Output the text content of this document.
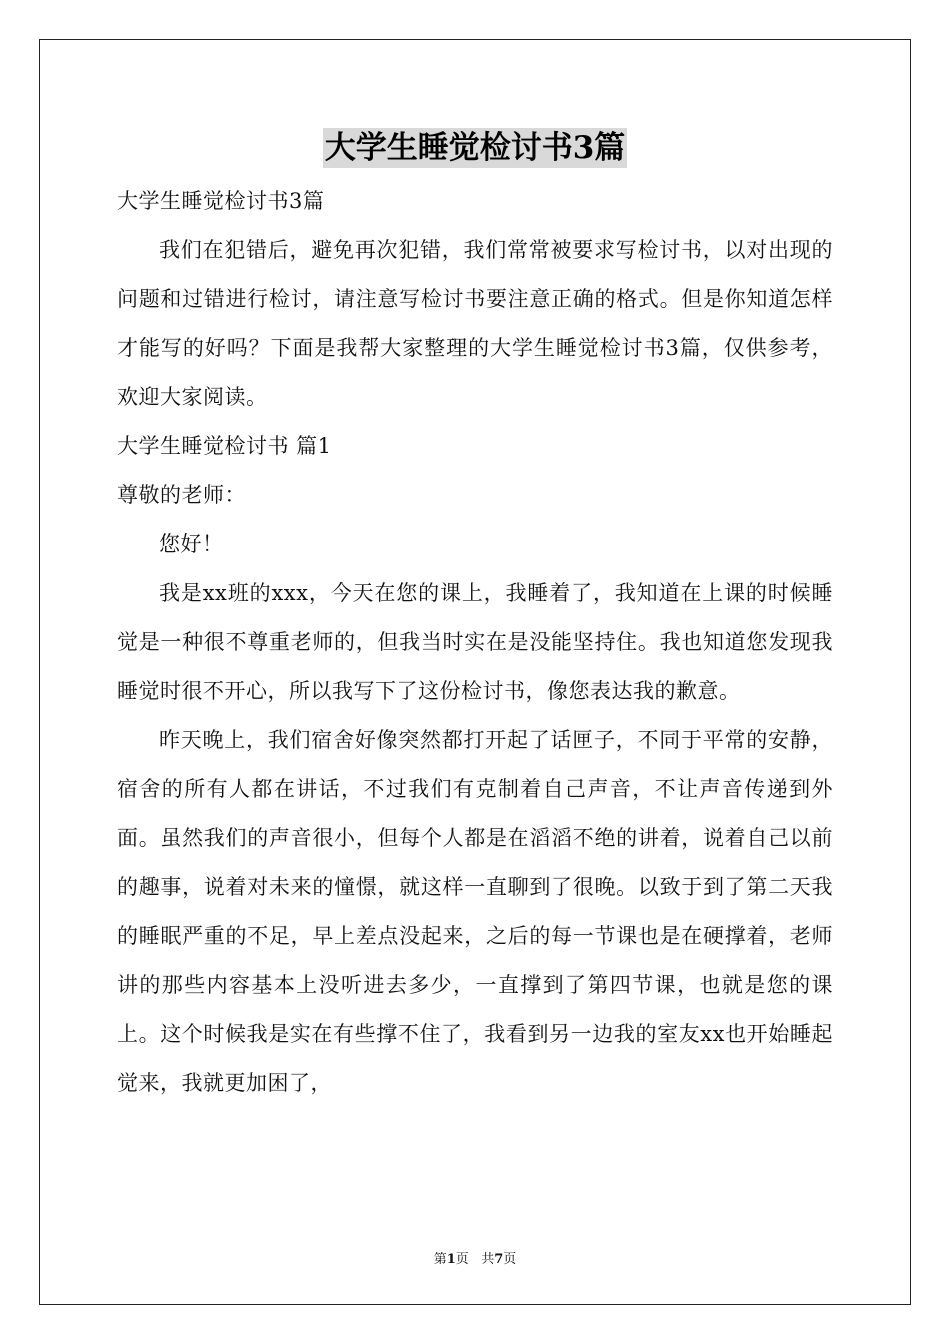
大学生睡觉检讨书3篇

大学生睡觉检讨书3篇

我们在犯错后，避免再次犯错，我们常常被要求写检讨书，以对出现的问题和过错进行检讨，请注意写检讨书要注意正确的格式。但是你知道怎样才能写的好吗？下面是我帮大家整理的大学生睡觉检讨书3篇，仅供参考，欢迎大家阅读。

大学生睡觉检讨书 篇1

尊敬的老师：

您好！

我是xx班的xxx，今天在您的课上，我睡着了，我知道在上课的时候睡觉是一种很不尊重老师的，但我当时实在是没能坚持住。我也知道您发现我睡觉时很不开心，所以我写下了这份检讨书，像您表达我的歉意。

昨天晚上，我们宿舍好像突然都打开起了话匣子，不同于平常的安静，宿舍的所有人都在讲话，不过我们有克制着自己声音，不让声音传递到外面。虽然我们的声音很小，但每个人都是在滔滔不绝的讲着，说着自己以前的趣事，说着对未来的憧憬，就这样一直聊到了很晚。以致于到了第二天我的睡眠严重的不足，早上差点没起来，之后的每一节课也是在硬撑着，老师讲的那些内容基本上没听进去多少，一直撑到了第四节课，也就是您的课上。这个时候我是实在有些撑不住了，我看到另一边我的室友xx也开始睡起觉来，我就更加困了，

第1页 共7页
